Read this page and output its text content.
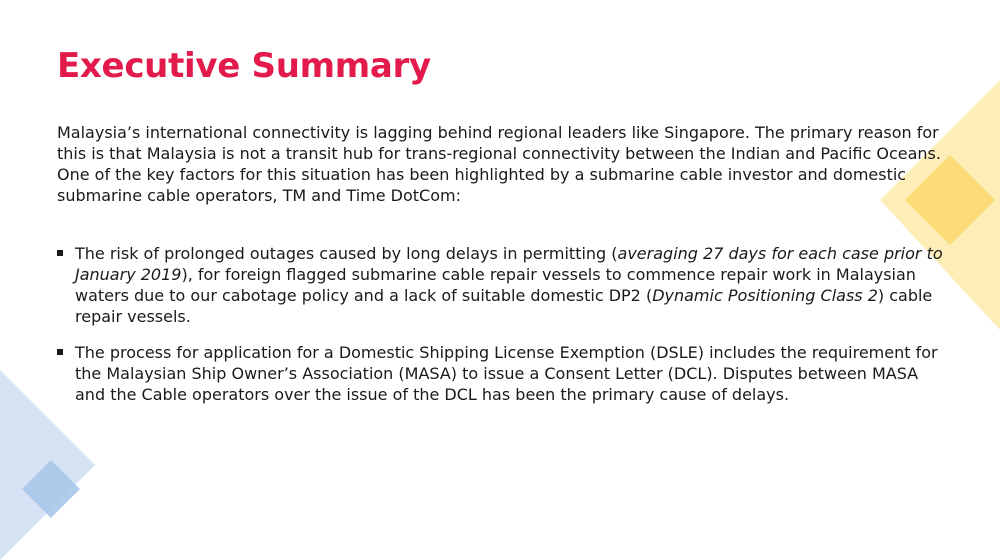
Executive Summary

Malaysia’s international connectivity is lagging behind regional leaders like Singapore. The primary reason for this is that Malaysia is not a transit hub for trans-regional connectivity between the Indian and Pacific Oceans. One of the key factors for this situation has been highlighted by a submarine cable investor and domestic submarine cable operators, TM and Time DotCom:

The risk of prolonged outages caused by long delays in permitting (averaging 27 days for each case prior to January 2019), for foreign flagged submarine cable repair vessels to commence repair work in Malaysian waters due to our cabotage policy and a lack of suitable domestic DP2 (Dynamic Positioning Class 2) cable repair vessels.
The process for application for a Domestic Shipping License Exemption (DSLE) includes the requirement for the Malaysian Ship Owner’s Association (MASA) to issue a Consent Letter (DCL). Disputes between MASA and the Cable operators over the issue of the DCL has been the primary cause of delays.
